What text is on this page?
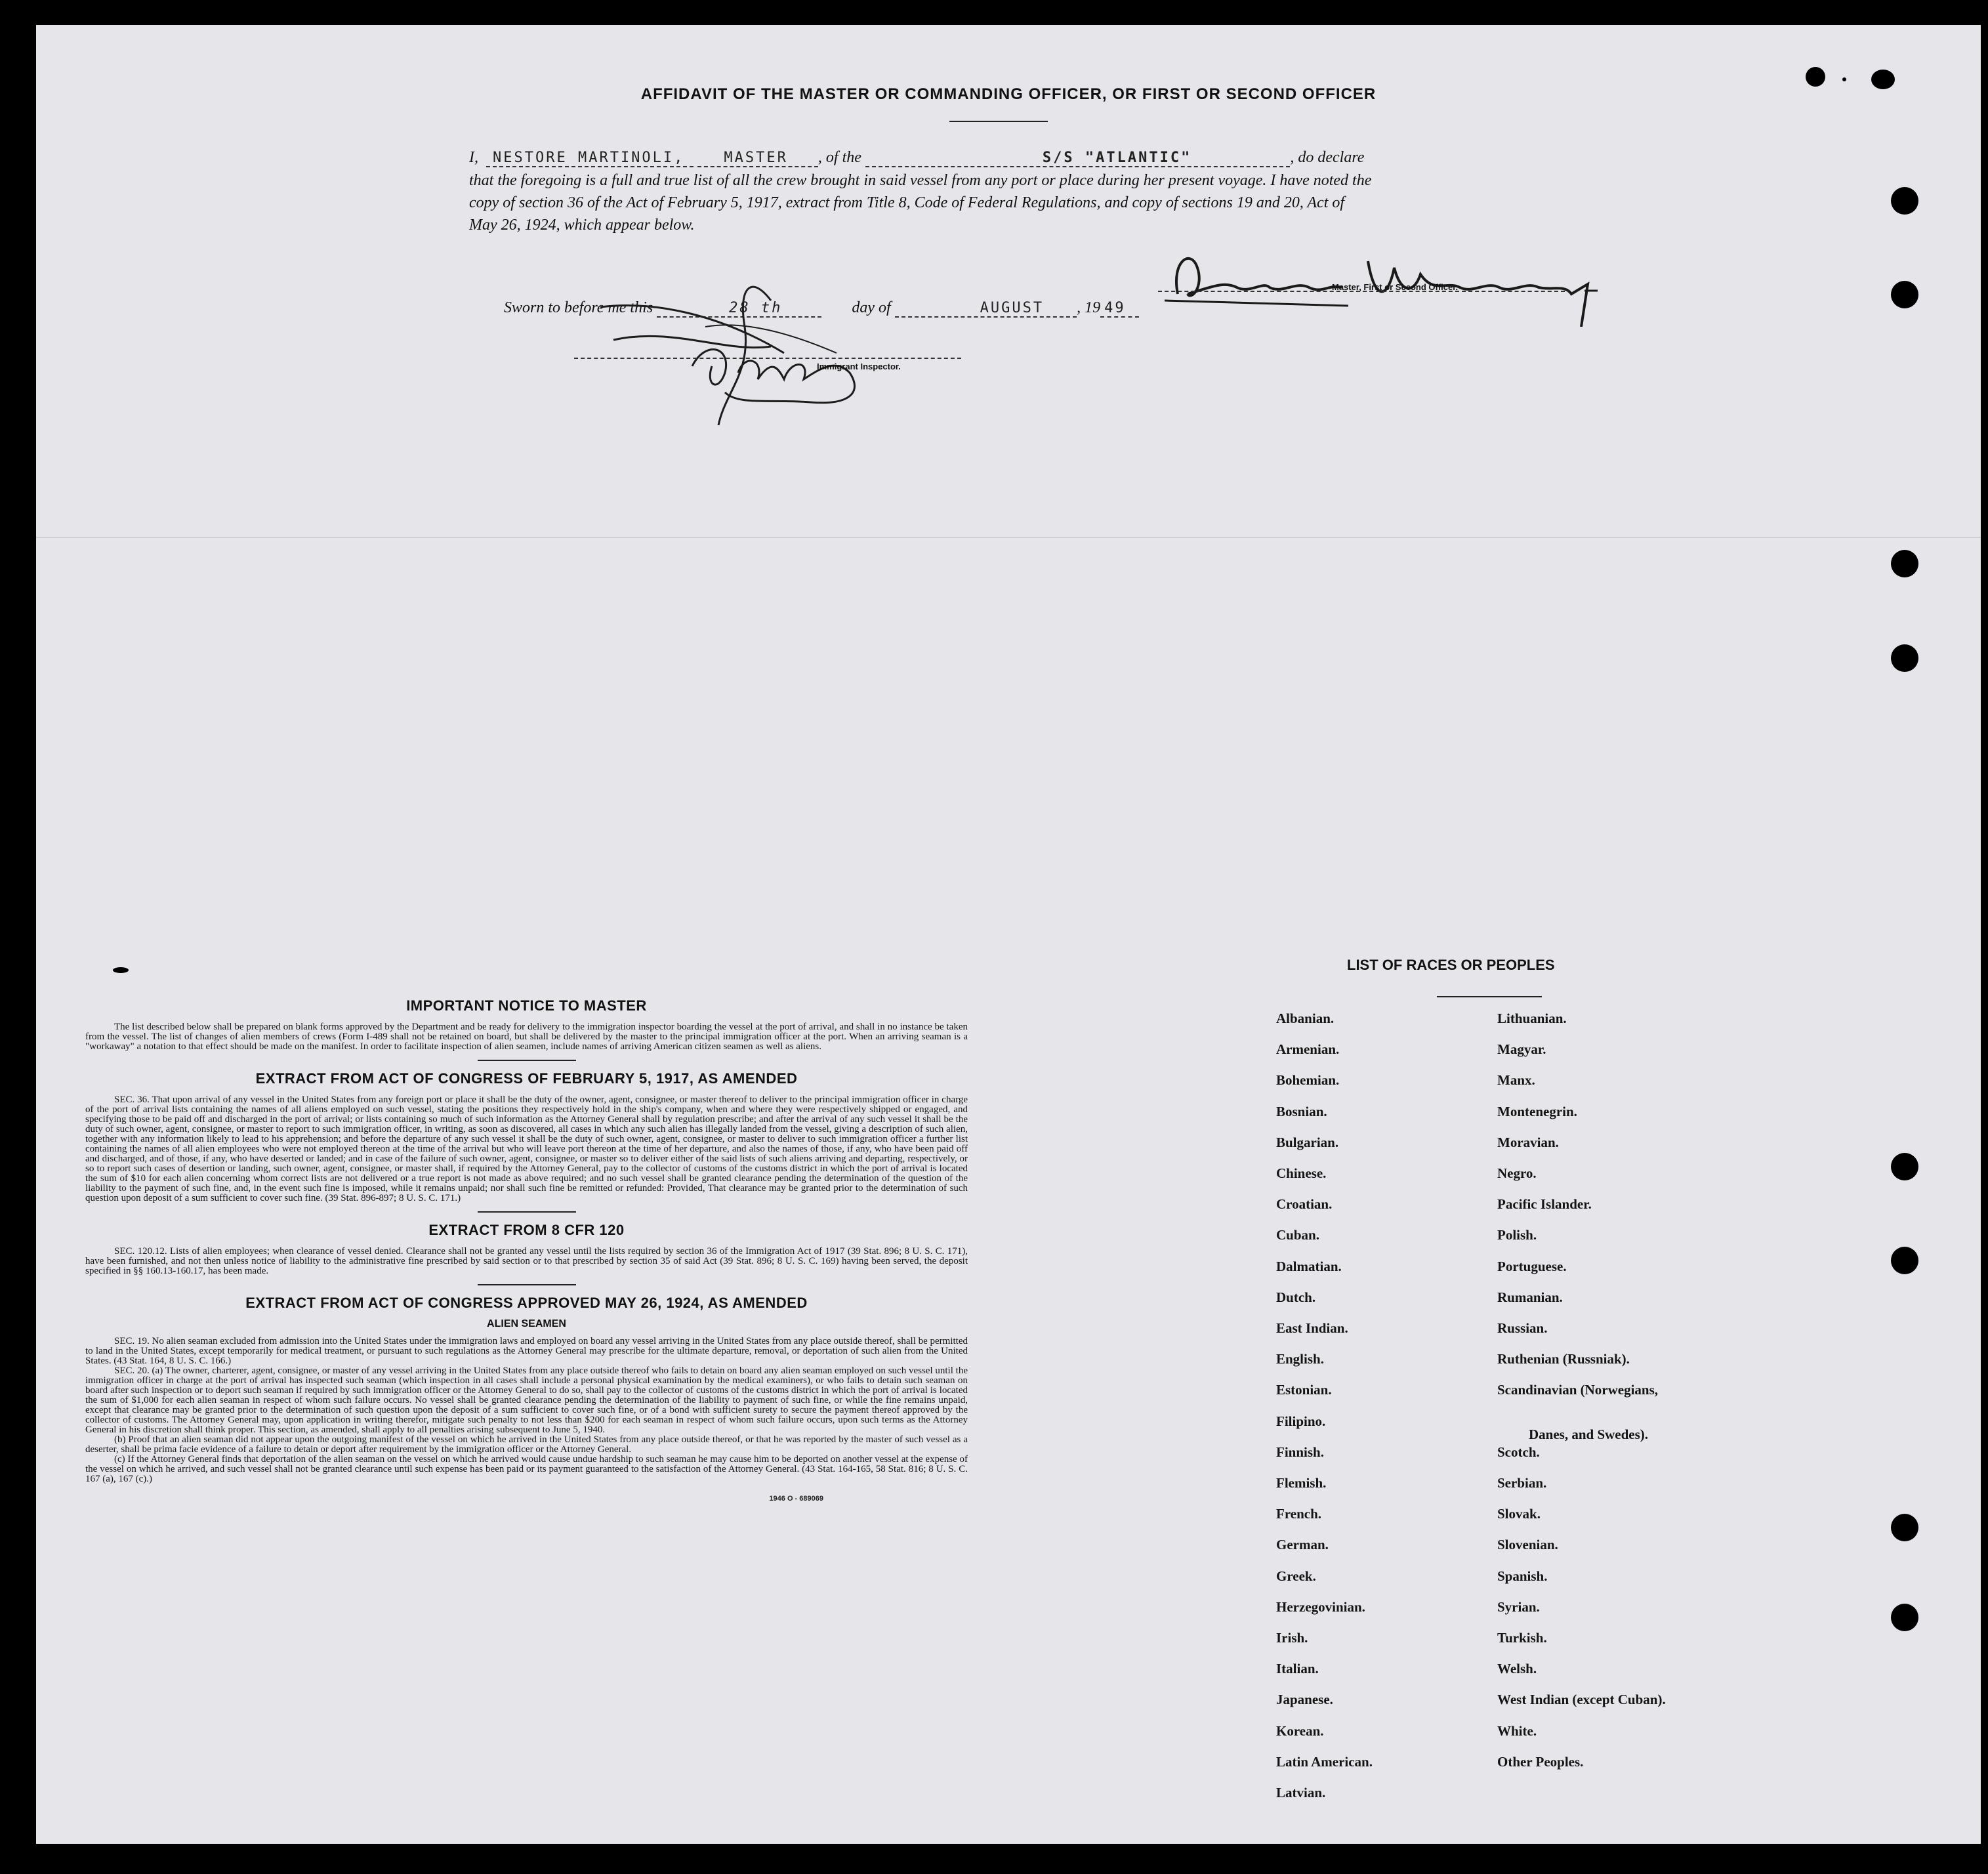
AFFIDAVIT OF THE MASTER OR COMMANDING OFFICER, OR FIRST OR SECOND OFFICER
I, NESTORE MARTINOLI,	MASTER , of the	S/S "ATLANTIC"	, do declare
that the foregoing is a full and true list of all the crew brought in said vessel from any port or place during her present voyage. I have noted the
copy of section 36 of the Act of February 5, 1917, extract from Title 8, Code of Federal Regulations, and copy of sections 19 and 20, Act of
May 26, 1924, which appear below.
Master, First or Second Officer.
Sworn to before me this	28 th	day of	AUGUST , 19 49
Immigrant Inspector.
IMPORTANT NOTICE TO MASTER

The list described below shall be prepared on blank forms approved by the Department and be ready for delivery to the immigration inspector boarding the vessel at the port of arrival, and shall in no instance be taken from the vessel. The list of changes of alien members of crews (Form I-489 shall not be retained on board, but shall be delivered by the master to the principal immigration officer at the port. When an arriving seaman is a "workaway" a notation to that effect should be made on the manifest. In order to facilitate inspection of alien seamen, include names of arriving American citizen seamen as well as aliens.

EXTRACT FROM ACT OF CONGRESS OF FEBRUARY 5, 1917, AS AMENDED

SEC. 36. That upon arrival of any vessel in the United States from any foreign port or place it shall be the duty of the owner, agent, consignee, or master thereof to deliver to the principal immigration officer in charge of the port of arrival lists containing the names of all aliens employed on such vessel, stating the positions they respectively hold in the ship's company, when and where they were respectively shipped or engaged, and specifying those to be paid off and discharged in the port of arrival; or lists containing so much of such information as the Attorney General shall by regulation prescribe; and after the arrival of any such vessel it shall be the duty of such owner, agent, consignee, or master to report to such immigration officer, in writing, as soon as discovered, all cases in which any such alien has illegally landed from the vessel, giving a description of such alien, together with any information likely to lead to his apprehension; and before the departure of any such vessel it shall be the duty of such owner, agent, consignee, or master to deliver to such immigration officer a further list containing the names of all alien employees who were not employed thereon at the time of the arrival but who will leave port thereon at the time of her departure, and also the names of those, if any, who have been paid off and discharged, and of those, if any, who have deserted or landed; and in case of the failure of such owner, agent, consignee, or master so to deliver either of the said lists of such aliens arriving and departing, respectively, or so to report such cases of desertion or landing, such owner, agent, consignee, or master shall, if required by the Attorney General, pay to the collector of customs of the customs district in which the port of arrival is located the sum of $10 for each alien concerning whom correct lists are not delivered or a true report is not made as above required; and no such vessel shall be granted clearance pending the determination of the question of the liability to the payment of such fine, and, in the event such fine is imposed, while it remains unpaid; nor shall such fine be remitted or refunded: Provided, That clearance may be granted prior to the determination of such question upon deposit of a sum sufficient to cover such fine. (39 Stat. 896-897; 8 U. S. C. 171.)

EXTRACT FROM 8 CFR 120

SEC. 120.12. Lists of alien employees; when clearance of vessel denied. Clearance shall not be granted any vessel until the lists required by section 36 of the Immigration Act of 1917 (39 Stat. 896; 8 U. S. C. 171), have been furnished, and not then unless notice of liability to the administrative fine prescribed by said section or to that prescribed by section 35 of said Act (39 Stat. 896; 8 U. S. C. 169) having been served, the deposit specified in §§ 160.13-160.17, has been made.

EXTRACT FROM ACT OF CONGRESS APPROVED MAY 26, 1924, AS AMENDED
ALIEN SEAMEN

SEC. 19. No alien seaman excluded from admission into the United States under the immigration laws and employed on board any vessel arriving in the United States from any place outside thereof, shall be permitted to land in the United States, except temporarily for medical treatment, or pursuant to such regulations as the Attorney General may prescribe for the ultimate departure, removal, or deportation of such alien from the United States. (43 Stat. 164, 8 U. S. C. 166.)

SEC. 20. (a) The owner, charterer, agent, consignee, or master of any vessel arriving in the United States from any place outside thereof who fails to detain on board any alien seaman employed on such vessel until the immigration officer in charge at the port of arrival has inspected such seaman (which inspection in all cases shall include a personal physical examination by the medical examiners), or who fails to detain such seaman on board after such inspection or to deport such seaman if required by such immigration officer or the Attorney General to do so, shall pay to the collector of customs of the customs district in which the port of arrival is located the sum of $1,000 for each alien seaman in respect of whom such failure occurs. No vessel shall be granted clearance pending the determination of the liability to payment of such fine, or while the fine remains unpaid, except that clearance may be granted prior to the determination of such question upon the deposit of a sum sufficient to cover such fine, or of a bond with sufficient surety to secure the payment thereof approved by the collector of customs. The Attorney General may, upon application in writing therefor, mitigate such penalty to not less than $200 for each seaman in respect of whom such failure occurs, upon such terms as the Attorney General in his discretion shall think proper. This section, as amended, shall apply to all penalties arising subsequent to June 5, 1940.

(b) Proof that an alien seaman did not appear upon the outgoing manifest of the vessel on which he arrived in the United States from any place outside thereof, or that he was reported by the master of such vessel as a deserter, shall be prima facie evidence of a failure to detain or deport after requirement by the immigration officer or the Attorney General.

(c) If the Attorney General finds that deportation of the alien seaman on the vessel on which he arrived would cause undue hardship to such seaman he may cause him to be deported on another vessel at the expense of the vessel on which he arrived, and such vessel shall not be granted clearance until such expense has been paid or its payment guaranteed to the satisfaction of the Attorney General. (43 Stat. 164-165, 58 Stat. 816; 8 U. S. C. 167 (a), 167 (c).)

1946 O - 689069
LIST OF RACES OR PEOPLES
Albanian.
Armenian.
Bohemian.
Bosnian.
Bulgarian.
Chinese.
Croatian.
Cuban.
Dalmatian.
Dutch.
East Indian.
English.
Estonian.
Filipino.
Finnish.
Flemish.
French.
German.
Greek.
Herzegovinian.
Irish.
Italian.
Japanese.
Korean.
Latin American.
Latvian.
Lithuanian.
Magyar.
Manx.
Montenegrin.
Moravian.
Negro.
Pacific Islander.
Polish.
Portuguese.
Rumanian.
Russian.
Ruthenian (Russniak).
Scandinavian (Norwegians,
Danes, and Swedes).
Scotch.
Serbian.
Slovak.
Slovenian.
Spanish.
Syrian.
Turkish.
Welsh.
West Indian (except Cuban).
White.
Other Peoples.
